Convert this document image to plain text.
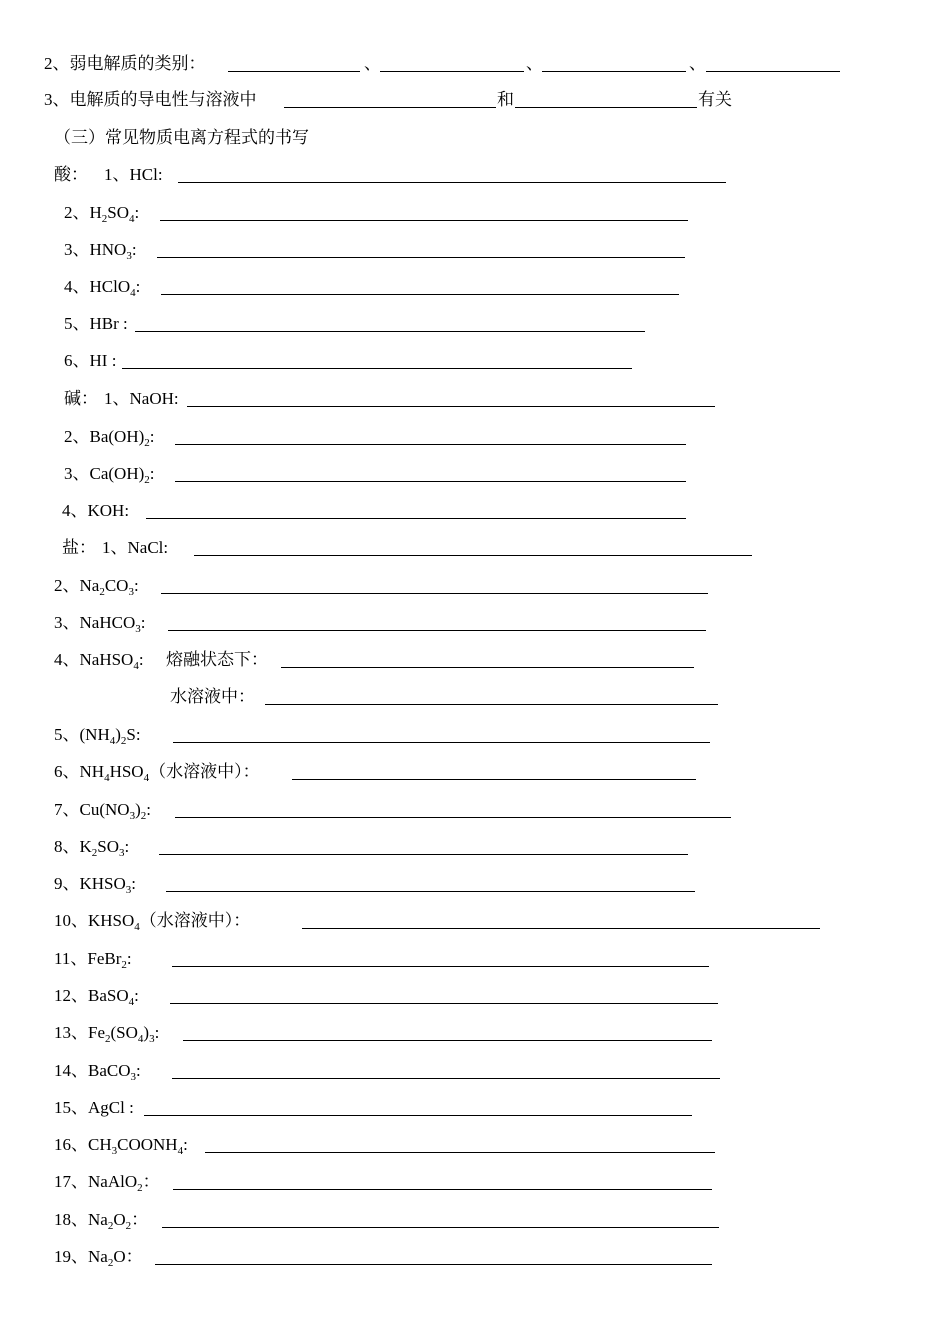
2、弱电解质的类别：	、	、	、
3、电解质的导电性与溶液中	和	有关
（三）常见物质电离方程式的书写
酸：
碱：
盐：
1、HCl:
2、$H_2SO_4$:
3、$HNO_3$:
4、HClO$_4$:
5、HBr :
6、HI :
1、NaOH:
2、$Ba(OH)_2$:
3、$Ca(OH)_2$:
4、KOH:
1、NaCl:
2、$Na_2CO_3$:
3、NaHCO$_3$:
4、NaHSO$_4$: 熔融状态下：
水溶液中：
5、$(NH_4)_2S$:
6、$NH_4HSO_4$（水溶液中）：
7、$Cu(NO_3)_2$:
8、$K_2SO_3$:
9、$KHSO_3$:
10、$KHSO_4$（水溶液中）：
11、FeBr$_2$:
12、BaSO$_4$:
13、$Fe_2(SO_4)_3$:
14、BaCO$_3$:
15、AgCl :
16、$CH_3COONH_4$:
17、NaAlO$_2$：
18、$Na_2O_2$：
19、$Na_2O$：
